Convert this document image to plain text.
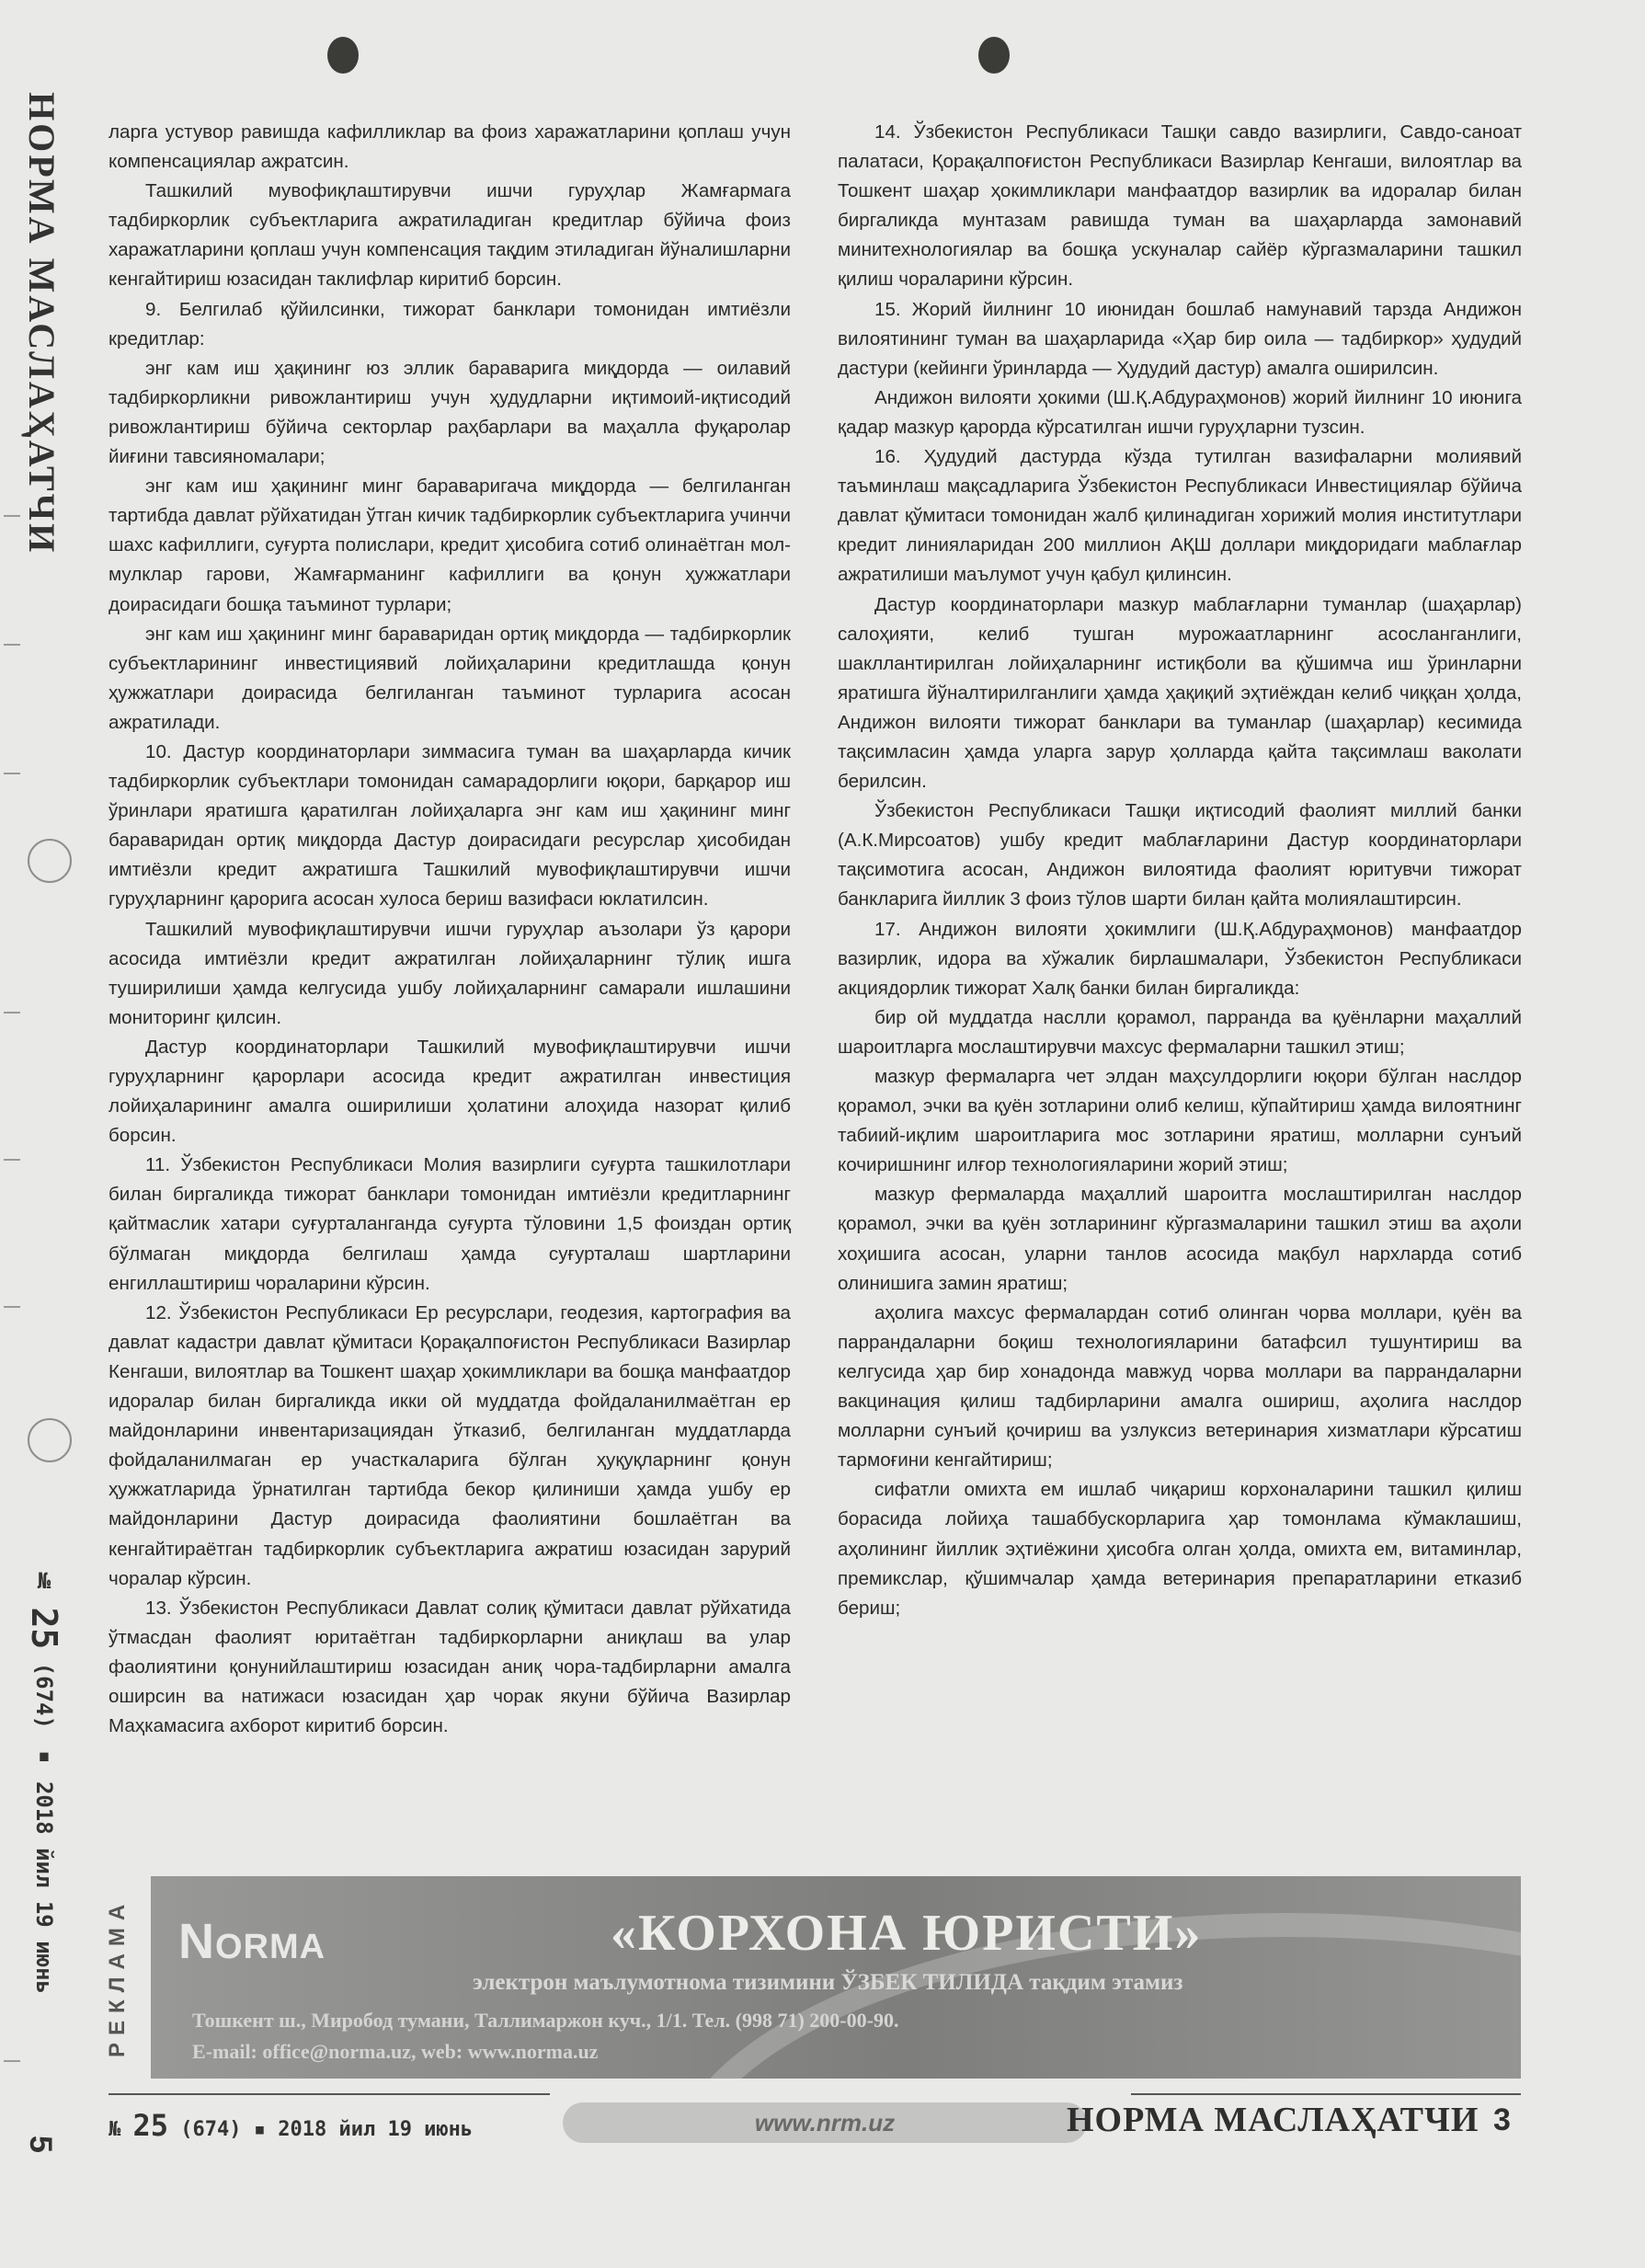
НОРМА МАСЛАҲАТЧИ
№ 25 (674) ▪ 2018 йил 19 июнь
5

ларга устувор равишда кафилликлар ва фоиз харажатларини қоплаш учун компенсациялар ажратсин.

Ташкилий мувофиқлаштирувчи ишчи гуруҳлар Жамғармага тадбиркорлик субъектларига ажратиладиган кредитлар бўйича фоиз харажатларини қоплаш учун компенсация тақдим этиладиган йўналишларни кенгайтириш юзасидан таклифлар киритиб борсин.

9. Белгилаб қўйилсинки, тижорат банклари томонидан имтиёзли кредитлар:

энг кам иш ҳақининг юз эллик бараварига миқдорда — оилавий тадбиркорликни ривожлантириш учун ҳудудларни иқтимоий-иқтисодий ривожлантириш бўйича секторлар раҳбарлари ва маҳалла фуқаролар йиғини тавсияномалари;

энг кам иш ҳақининг минг баравaригача миқдорда — белгиланган тартибда давлат рўйхатидан ўтган кичик тадбиркорлик субъектларига учинчи шахс кафиллиги, суғурта полислари, кредит ҳисобига сотиб олинаётган мол-мулклар гарови, Жамғарманинг кафиллиги ва қонун ҳужжатлари доирасидаги бошқа таъминот турлари;

энг кам иш ҳақининг минг бараваридан ортиқ миқдорда — тадбиркорлик субъектларининг инвестициявий лойиҳаларини кредитлашда қонун ҳужжатлари доирасида белгиланган таъминот турларига асосан ажратилади.

10. Дастур координаторлари зиммасига туман ва шаҳарларда кичик тадбиркорлик субъектлари томонидан самарадорлиги юқори, барқарор иш ўринлари яратишга қаратилган лойиҳаларга энг кам иш ҳақининг минг бараваридан ортиқ миқдорда Дастур доирасидаги ресурслар ҳисобидан имтиёзли кредит ажратишга Ташкилий мувофиқлаштирувчи ишчи гуруҳларнинг қарорига асосан хулоса бериш вазифаси юклатилсин.

Ташкилий мувофиқлаштирувчи ишчи гуруҳлар аъзолари ўз қарори асосида имтиёзли кредит ажратилган лойиҳаларнинг тўлиқ ишга туширилиши ҳамда келгусида ушбу лойиҳаларнинг самарали ишлашини мониторинг қилсин.

Дастур координаторлари Ташкилий мувофиқлаштирувчи ишчи гуруҳларнинг қарорлари асосида кредит ажратилган инвестиция лойиҳаларининг амалга оширилиши ҳолатини алоҳида назорат қилиб борсин.

11. Ўзбекистон Республикаси Молия вазирлиги суғурта ташкилотлари билан биргаликда тижорат банклари томонидан имтиёзли кредитларнинг қайтмаслик хатари суғурталанганда суғурта тўловини 1,5 фоиздан ортиқ бўлмаган миқдорда белгилаш ҳамда суғурталаш шартларини енгиллаштириш чораларини кўрсин.

12. Ўзбекистон Республикаси Ер ресурслари, геодезия, картография ва давлат кадастри давлат қўмитаси Қорақалпоғистон Республикаси Вазирлар Кенгаши, вилоятлар ва Тошкент шаҳар ҳокимликлари ва бошқа манфаатдор идоралар билан биргаликда икки ой муддатда фойдаланилмаётган ер майдонларини инвентаризациядан ўтказиб, белгиланган муддатларда фойдаланилмаган ер участкаларига бўлган ҳуқуқларнинг қонун ҳужжатларида ўрнатилган тартибда бекор қилиниши ҳамда ушбу ер майдонларини Дастур доирасида фаолиятини бошлаётган ва кенгайтираётган тадбиркорлик субъектларига ажратиш юзасидан зарурий чоралар кўрсин.

13. Ўзбекистон Республикаси Давлат солиқ қўмитаси давлат рўйхатида ўтмасдан фаолият юритаётган тадбиркорларни аниқлаш ва улар фаолиятини қонунийлаштириш юзасидан аниқ чора-тадбирларни амалга оширсин ва натижаси юзасидан ҳар чорак якуни бўйича Вазирлар Маҳкамасига ахборот киритиб борсин.

14. Ўзбекистон Республикаси Ташқи савдо вазирлиги, Савдо-саноат палатаси, Қорақалпоғистон Республикаси Вазирлар Кенгаши, вилоятлар ва Тошкент шаҳар ҳокимликлари манфаатдор вазирлик ва идоралар билан биргаликда мунтазам равишда туман ва шаҳарларда замонавий минитехнологиялар ва бошқа ускуналар сайёр кўргазмаларини ташкил қилиш чораларини кўрсин.

15. Жорий йилнинг 10 июнидан бошлаб намунавий тарзда Андижон вилоятининг туман ва шаҳарларида «Ҳар бир оила — тадбиркор» ҳудудий дастури (кейинги ўринларда — Ҳудудий дастур) амалга оширилсин.

Андижон вилояти ҳокими (Ш.Қ.Абдураҳмонов) жорий йилнинг 10 июнига қадар мазкур қарорда кўрсатилган ишчи гуруҳларни тузсин.

16. Ҳудудий дастурда кўзда тутилган вазифаларни молиявий таъминлаш мақсадларига Ўзбекистон Республикаси Инвестициялар бўйича давлат қўмитаси томонидан жалб қилинадиган хорижий молия институтлари кредит линияларидан 200 миллион АҚШ доллари миқдоридаги маблағлар ажратилиши маълумот учун қабул қилинсин.

Дастур координаторлари мазкур маблағларни туманлар (шаҳарлар) салоҳияти, келиб тушган мурожаатларнинг асосланганлиги, шакллантирилган лойиҳаларнинг истиқболи ва қўшимча иш ўринларни яратишга йўналтирилганлиги ҳамда ҳақиқий эҳтиёждан келиб чиққан ҳолда, Андижон вилояти тижорат банклари ва туманлар (шаҳарлар) кесимида тақсимласин ҳамда уларга зарур ҳолларда қайта тақсимлаш ваколати берилсин.

Ўзбекистон Республикаси Ташқи иқтисодий фаолият миллий банки (А.К.Мирсоатов) ушбу кредит маблағларини Дастур координаторлари тақсимотига асосан, Андижон вилоятида фаолият юритувчи тижорат банкларига йиллик 3 фоиз тўлов шарти билан қайта молиялаштирсин.

17. Андижон вилояти ҳокимлиги (Ш.Қ.Абдураҳмонов) манфаатдор вазирлик, идора ва хўжалик бирлашмалари, Ўзбекистон Республикаси акциядорлик тижорат Халқ банки билан биргаликда:

бир ой муддатда наслли қорамол, парранда ва қуёнларни маҳаллий шароитларга мослаштирувчи махсус фермаларни ташкил этиш;

мазкур фермаларга чет элдан маҳсулдорлиги юқори бўлган наслдор қорамол, эчки ва қуён зотларини олиб келиш, кўпайтириш ҳамда вилоятнинг табиий-иқлим шароитларига мос зотларини яратиш, молларни сунъий кочиришнинг илғор технологияларини жорий этиш;

мазкур фермаларда маҳаллий шароитга мослаштирилган наслдор қорамол, эчки ва қуён зотларининг кўргазмаларини ташкил этиш ва аҳоли хоҳишига асосан, уларни танлов асосида мақбул нархларда сотиб олинишига замин яратиш;

аҳолига махсус фермалардан сотиб олинган чорва моллари, қуён ва паррандаларни боқиш технологияларини батафсил тушунтириш ва келгусида ҳар бир хонадонда мавжуд чорва моллари ва паррандаларни вакцинация қилиш тадбирларини амалга ошириш, аҳолига наслдор молларни сунъий қочириш ва узлуксиз ветеринария хизматлари кўрсатиш тармоғини кенгайтириш;

сифатли омихта ем ишлаб чиқариш корхоналарини ташкил қилиш борасида лойиҳа ташаббускорларига ҳар томонлама кўмаклашиш, аҳолининг йиллик эҳтиёжини ҳисобга олган ҳолда, омихта ем, витаминлар, премикслар, қўшимчалар ҳамда ветеринария препаратларини етказиб бериш;

РЕКЛАМА NORMA	«КОРХОНА ЮРИСТИ»
электрон маълумотнома тизимини ЎЗБЕК ТИЛИДА тақдим этамиз
Тошкент ш., Миробод тумани, Таллимаржон куч., 1/1. Тел. (998 71) 200-00-90.
E-mail: office@norma.uz, web: www.norma.uz
№ 25 (674) ▪ 2018 йил 19 июнь	www.nrm.uz	НОРМА МАСЛАҲАТЧИ 3
